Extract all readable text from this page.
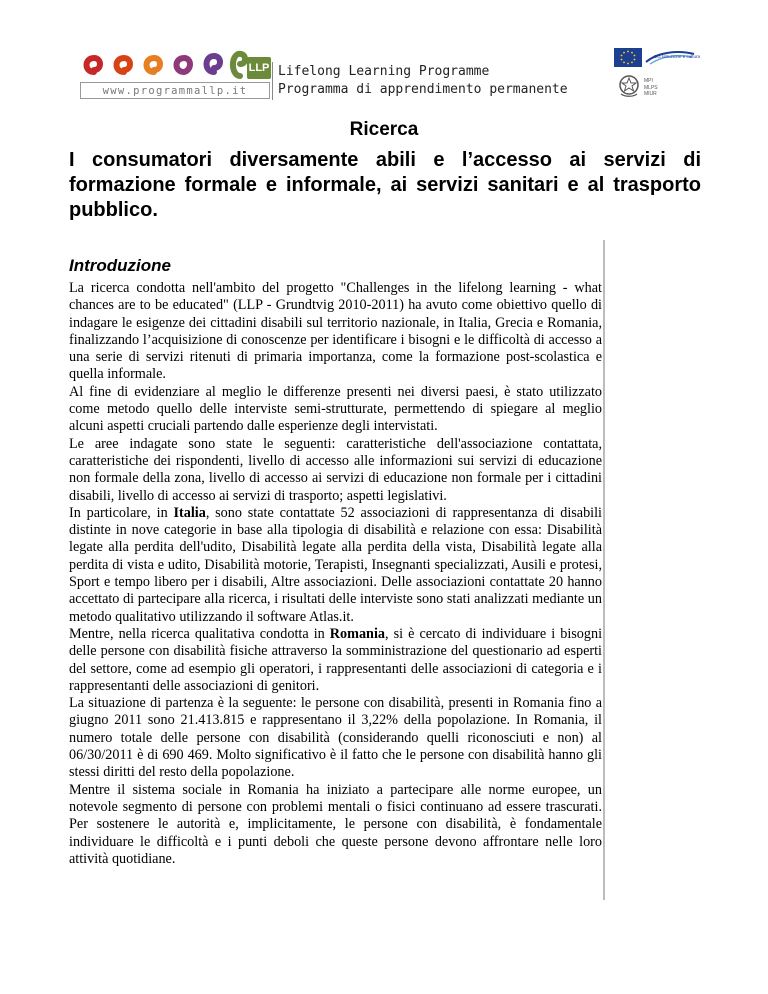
LLP
www.programmallp.it
Lifelong Learning Programme
Programma di apprendimento permanente
DG Istruzione e cultura
MPI
MLPS
MIUR
Ricerca
I consumatori diversamente abili e l’accesso ai servizi di formazione formale e informale, ai servizi sanitari e al trasporto pubblico.
Introduzione

La ricerca condotta nell'ambito del progetto "Challenges in the lifelong learning - what chances are to be educated" (LLP - Grundtvig 2010-2011) ha avuto come obiettivo quello di indagare le esigenze dei cittadini disabili sul territorio nazionale, in Italia, Grecia e Romania, finalizzando l’acquisizione di conoscenze per identificare i bisogni e le difficoltà di accesso a una serie di servizi ritenuti di primaria importanza, come la formazione post-scolastica e quella informale.

Al fine di evidenziare al meglio le differenze presenti nei diversi paesi, è stato utilizzato come metodo quello delle interviste semi-strutturate, permettendo di spiegare al meglio alcuni aspetti cruciali partendo dalle esperienze degli intervistati.

Le aree indagate sono state le seguenti: caratteristiche dell'associazione contattata, caratteristiche dei rispondenti, livello di accesso alle informazioni sui servizi di educazione non formale della zona, livello di accesso ai servizi di educazione non formale per i cittadini disabili, livello di accesso ai servizi di trasporto; aspetti legislativi.

In particolare, in Italia, sono state contattate 52 associazioni di rappresentanza di disabili distinte in nove categorie in base alla tipologia di disabilità e relazione con essa: Disabilità legate alla perdita dell'udito, Disabilità legate alla perdita della vista, Disabilità legate alla perdita di vista e udito, Disabilità motorie, Terapisti, Insegnanti specializzati, Ausili e protesi, Sport e tempo libero per i disabili, Altre associazioni. Delle associazioni contattate 20 hanno accettato di partecipare alla ricerca, i risultati delle interviste sono stati analizzati mediante un metodo qualitativo utilizzando il software Atlas.it.

Mentre, nella ricerca qualitativa condotta in Romania, si è cercato di individuare i bisogni delle persone con disabilità fisiche attraverso la somministrazione del questionario ad esperti del settore, come ad esempio gli operatori, i rappresentanti delle associazioni di categoria e i rappresentanti delle associazioni di genitori.

La situazione di partenza è la seguente: le persone con disabilità, presenti in Romania fino a giugno 2011 sono 21.413.815 e rappresentano il 3,22% della popolazione. In Romania, il numero totale delle persone con disabilità (considerando quelli riconosciuti e non) al 06/30/2011 è di 690 469. Molto significativo è il fatto che le persone con disabilità hanno gli stessi diritti del resto della popolazione.

Mentre il sistema sociale in Romania ha iniziato a partecipare alle norme europee, un notevole segmento di persone con problemi mentali o fisici continuano ad essere trascurati. Per sostenere le autorità e, implicitamente, le persone con disabilità, è fondamentale individuare le difficoltà e i punti deboli che queste persone devono affrontare nelle loro attività quotidiane.
